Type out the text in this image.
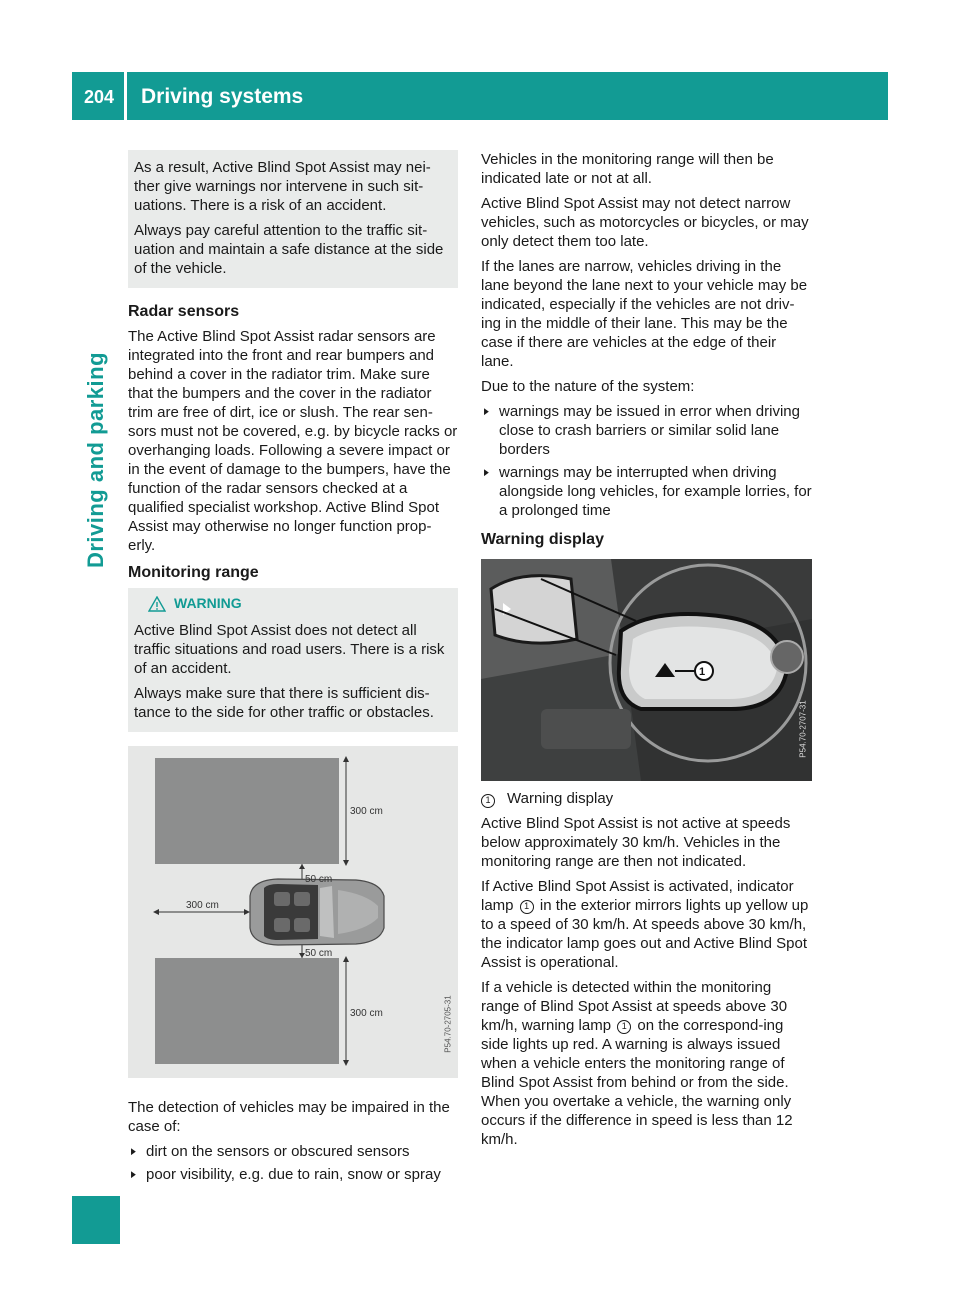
204 Driving systems
Driving and parking

As a result, Active Blind Spot Assist may nei-ther give warnings nor intervene in such sit-uations. There is a risk of an accident.

Always pay careful attention to the traffic sit-uation and maintain a safe distance at the side of the vehicle.

Radar sensors

The Active Blind Spot Assist radar sensors are integrated into the front and rear bumpers and behind a cover in the radiator trim. Make sure that the bumpers and the cover in the radiator trim are free of dirt, ice or slush. The rear sen-sors must not be covered, e.g. by bicycle racks or overhanging loads. Following a severe impact or in the event of damage to the bumpers, have the function of the radar sensors checked at a qualified specialist workshop. Active Blind Spot Assist may otherwise no longer function prop-erly.

Monitoring range
WARNING

Active Blind Spot Assist does not detect all traffic situations and road users. There is a risk of an accident.

Always make sure that there is sufficient dis-tance to the side for other traffic or obstacles.

300 cm
50 cm
300 cm
50 cm
300 cm	P54.70-2705-31

The detection of vehicles may be impaired in the case of:

▶ dirt on the sensors or obscured sensors
▶ poor visibility, e.g. due to rain, snow or spray

Vehicles in the monitoring range will then be indicated late or not at all.

Active Blind Spot Assist may not detect narrow vehicles, such as motorcycles or bicycles, or may only detect them too late.

If the lanes are narrow, vehicles driving in the lane beyond the lane next to your vehicle may be indicated, especially if the vehicles are not driv-ing in the middle of their lane. This may be the case if there are vehicles at the edge of their lane.

Due to the nature of the system:

▶ warnings may be issued in error when driving close to crash barriers or similar solid lane borders
▶ warnings may be interrupted when driving alongside long vehicles, for example lorries, for a prolonged time
Warning display
1
P54.70-2707-31
1	Warning display

Active Blind Spot Assist is not active at speeds below approximately 30 km/h. Vehicles in the monitoring range are then not indicated.

If Active Blind Spot Assist is activated, indicator lamp 1 in the exterior mirrors lights up yellow up to a speed of 30 km/h. At speeds above 30 km/h, the indicator lamp goes out and Active Blind Spot Assist is operational.

If a vehicle is detected within the monitoring range of Blind Spot Assist at speeds above 30 km/h, warning lamp 1 on the correspond-ing side lights up red. A warning is always issued when a vehicle enters the monitoring range of Blind Spot Assist from behind or from the side. When you overtake a vehicle, the warning only occurs if the difference in speed is less than 12 km/h.
